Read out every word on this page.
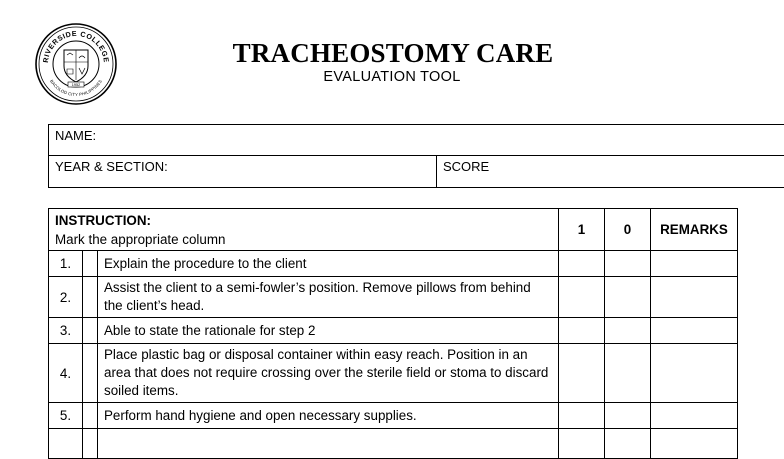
RIVERSIDE COLLEGE
BACOLOD CITY PHILIPPINES
1952
TRACHEOSTOMY CARE
EVALUATION TOOL
NAME:
YEAR & SECTION:	SCORE
INSTRUCTION:
Mark the appropriate column			1	0	REMARKS	
1.		Explain the procedure to the client				
2.		Assist the client to a semi-fowler’s position. Remove pillows from behind the client’s head.				
3.		Able to state the rationale for step 2				
4.		Place plastic bag or disposal container within easy reach. Position in an area that does not require crossing over the sterile field or stoma to discard soiled items.				
5.		Perform hand hygiene and open necessary supplies.				
